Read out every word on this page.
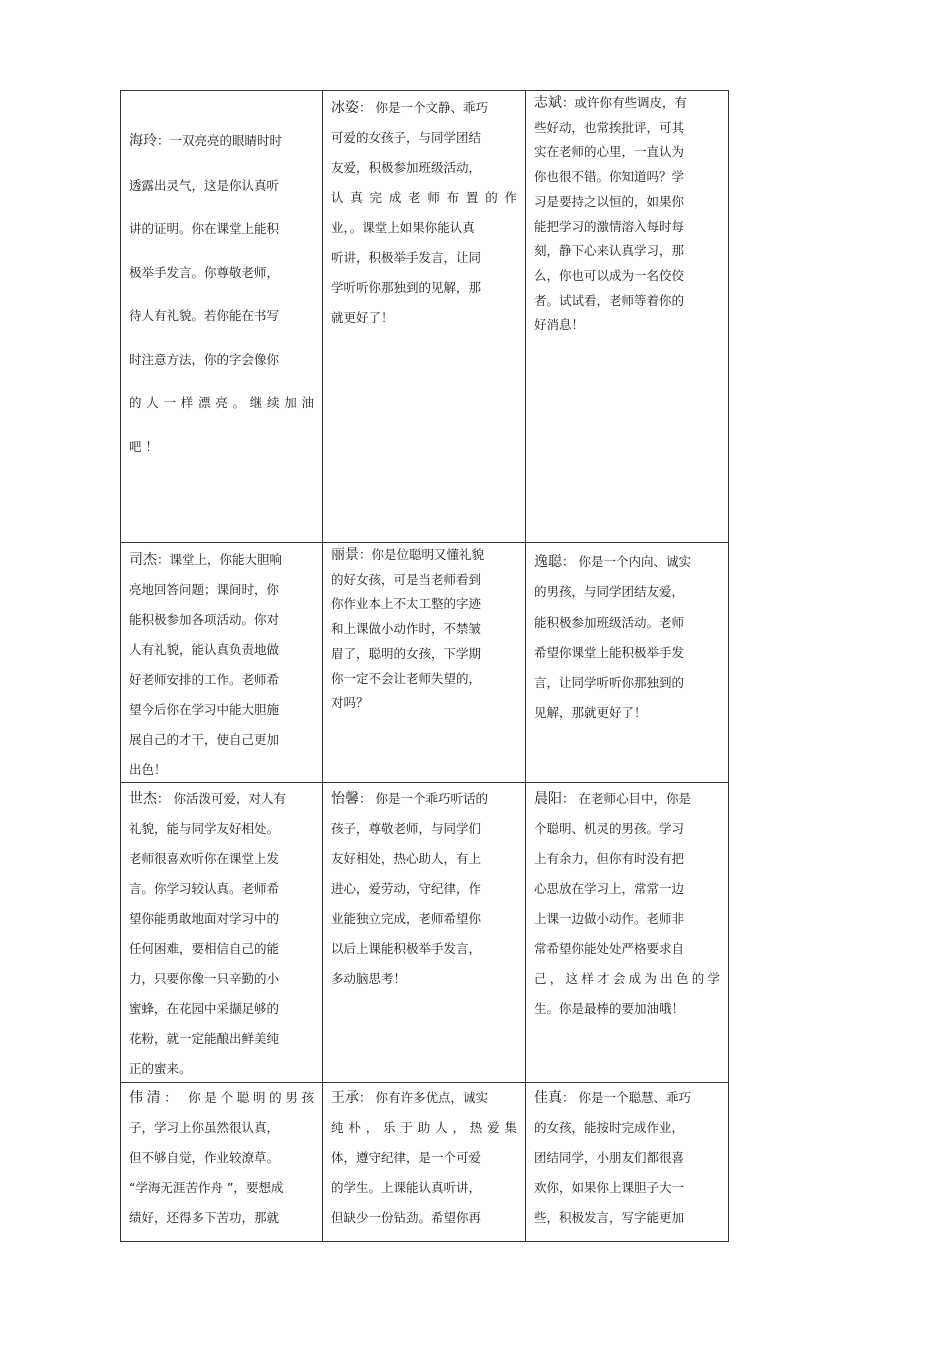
海玲：一双亮亮的眼睛时时
透露出灵气，这是你认真听
讲的证明。你在课堂上能积
极举手发言。你尊敬老师，
待人有礼貌。若你能在书写
时注意方法，你的字会像你
的人一样漂亮。继续加油
吧 ！
冰姿： 你是一个文静、乖巧
可爱的女孩子，与同学团结
友爱，积极参加班级活动，
认真完成老师布置的作
业，。课堂上如果你能认真
听讲，积极举手发言，让同
学听听你那独到的见解，那
就更好了！
志斌：或许你有些调皮，有
些好动，也常挨批评，可其
实在老师的心里，一直认为
你也很不错。你知道吗？学
习是要持之以恒的，如果你
能把学习的激情溶入每时每
刻，静下心来认真学习，那
么，你也可以成为一名佼佼
者。试试看，老师等着你的
好消息！
司杰：课堂上，你能大胆响
亮地回答问题；课间时，你
能积极参加各项活动。你对
人有礼貌，能认真负责地做
好老师安排的工作。老师希
望今后你在学习中能大胆施
展自己的才干，使自己更加
出色！
丽景：你是位聪明又懂礼貌
的好女孩，可是当老师看到
你作业本上不太工整的字迹
和上课做小动作时，不禁皱
眉了，聪明的女孩，下学期
你一定不会让老师失望的，
对吗？
逸聪： 你是一个内向、诚实
的男孩，与同学团结友爱，
能积极参加班级活动。老师
希望你课堂上能积极举手发
言，让同学听听你那独到的
见解，那就更好了！
世杰： 你活泼可爱，对人有
礼貌，能与同学友好相处。
老师很喜欢听你在课堂上发
言。你学习较认真。老师希
望你能勇敢地面对学习中的
任何困难，要相信自己的能
力，只要你像一只辛勤的小
蜜蜂，在花园中采撷足够的
花粉，就一定能酿出鲜美纯
正的蜜来。
怡馨： 你是一个乖巧听话的
孩子，尊敬老师，与同学们
友好相处，热心助人，有上
进心，爱劳动，守纪律，作
业能独立完成，老师希望你
以后上课能积极举手发言，
多动脑思考！
晨阳： 在老师心目中，你是
个聪明、机灵的男孩。学习
上有余力，但你有时没有把
心思放在学习上，常常一边
上课一边做小动作。老师非
常希望你能处处严格要求自
己，这样才会成为出色的学
生。你是最棒的要加油哦！
伟清： 你是个聪明的男孩
子，学习上你虽然很认真，
但不够自觉，作业较潦草。
“学海无涯苦作舟 ”，要想成
绩好，还得多下苦功，那就
王承： 你有许多优点，诚实
纯朴，乐于助人，热爱集
体，遵守纪律，是一个可爱
的学生。上课能认真听讲，
但缺少一份钻劲。希望你再
佳真： 你是一个聪慧、乖巧
的女孩，能按时完成作业，
团结同学，小朋友们都很喜
欢你，如果你上课胆子大一
些，积极发言，写字能更加
